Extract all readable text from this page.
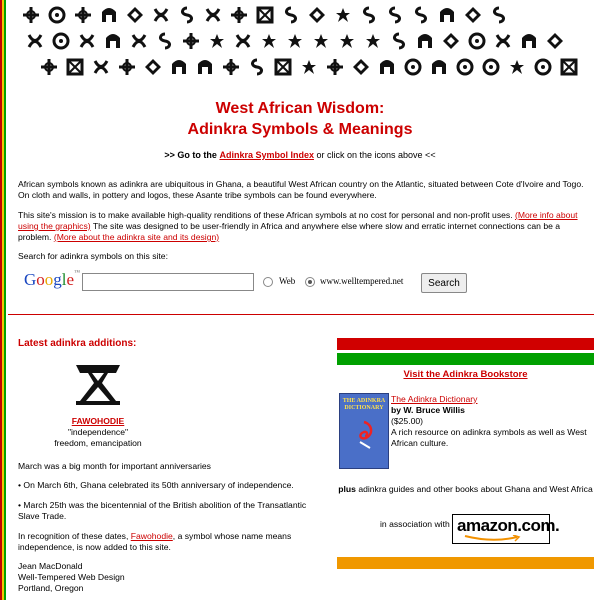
West African Wisdom:
Adinkra Symbols & Meanings
>> Go to the Adinkra Symbol Index or click on the icons above <<
African symbols known as adinkra are ubiquitous in Ghana, a beautiful West African country on the Atlantic, situated between Cote d'Ivoire and Togo. On cloth and walls, in pottery and logos, these Asante tribe symbols can be found everywhere.
This site's mission is to make available high-quality renditions of these African symbols at no cost for personal and non-profit uses. (More info about using the graphics) The site was designed to be user-friendly in Africa and anywhere else where slow and erratic internet connections can be a problem. (More about the adinkra site and its design)
Search for adinkra symbols on this site:
Google™
Web	www.welltempered.net	Search
Latest adinkra additions:
FAWOHODIE
"independence"
freedom, emancipation
March was a big month for important anniversaries
• On March 6th, Ghana celebrated its 50th anniversary of independence.
• March 25th was the bicentennial of the British abolition of the Transatlantic Slave Trade.
In recognition of these dates, Fawohodie, a symbol whose name means independence, is now added to this site.
Jean MacDonald
Well-Tempered Web Design
Portland, Oregon
Visit the Adinkra Bookstore
THE ADINKRA DICTIONARY
The Adinkra Dictionary
by W. Bruce Willis
($25.00)
A rich resource on adinkra symbols as well as West African culture.
plus adinkra guides and other books about Ghana and West Africa
in association with amazon.com.
